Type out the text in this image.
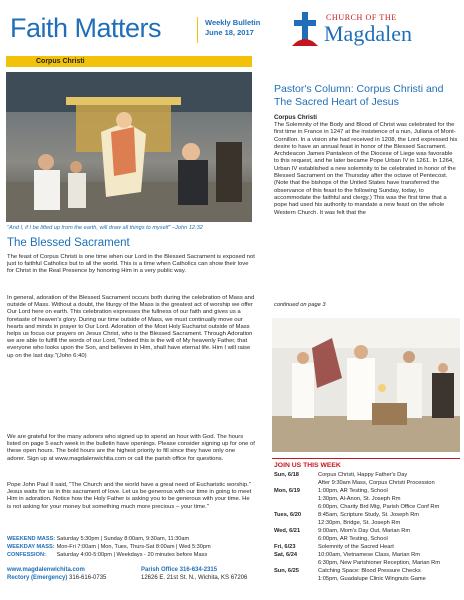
Faith Matters	Weekly Bulletin
June 18, 2017
CHURCH OF THE
Magdalen
Corpus Christi
"And I, if I be lifted up from the earth, will draw all things to myself" –John 12:32
The Blessed Sacrament
The feast of Corpus Christi is one time when our Lord in the Blessed Sacrament is exposed not just to faithful Catholics but to all the world. This is a time when Catholics can show their love for Christ in the Real Presence by honoring Him in a very public way.
In general, adoration of the Blessed Sacrament occurs both during the celebration of Mass and outside of Mass. Without a doubt, the liturgy of the Mass is the greatest act of worship we offer Our Lord here on earth. This celebration expresses the fullness of our faith and gives us a foretaste of heaven's glory. During our time outside of Mass, we must continually move our hearts and minds in prayer to Our Lord. Adoration of the Most Holy Eucharist outside of Mass helps us focus our prayers on Jesus Christ, who is the Blessed Sacrament. Through Adoration we are able to fulfill the words of our Lord, "Indeed this is the will of My heavenly Father, that everyone who looks upon the Son, and believes in Him, shall have eternal life. Him I will raise up on the last day."(John 6:40)
We are grateful for the many adorers who signed up to spend an hour with God. The hours listed on page 5 each week in the bulletin have openings. Please consider signing up for one of these open hours. The bold hours are the highest priority to fill since they have only one adorer. Sign up at www.magdalenwichita.com or call the parish office for questions.
Pope John Paul II said, "The Church and the world have a great need of Eucharistic worship." Jesus waits for us in this sacrament of love. Let us be generous with our time in going to meet Him in adoration. Notice how the Holy Father is asking you to be generous with your time. He is not asking for your money but something much more precious – your time."
WEEKEND MASS: Saturday 5:30pm | Sunday 8:00am, 9:30am, 11:30am
WEEKDAY MASS: Mon-Fri 7:00am | Mon, Tues, Thurs-Sat 8:00am | Wed 5:30pm
CONFESSION: Saturday 4:00-5:00pm | Weekdays - 20 minutes before Mass
www.magdalenwichita.com
Rectory (Emergency) 316-616-0735
Parish Office 316-634-2315
12626 E. 21st St. N., Wichita, KS 67206
Pastor's Column: Corpus Christi and The Sacred Heart of Jesus
Corpus Christi
The Solemnity of the Body and Blood of Christ was celebrated for the first time in France in 1247 at the insistence of a nun, Juliana of Mont-Cornillon. In a vision she had received in 1208, the Lord expressed his desire to have an annual feast in honor of the Blessed Sacrament. Archdeacon James Pantaleon of the Diocese of Liege was favorable to this request, and he later became Pope Urban IV in 1261. In 1264, Urban IV established a new solemnity to be celebrated in honor of the Blessed Sacrament on the Thursday after the octave of Pentecost. (Note that the bishops of the United States have transferred the observance of this feast to the following Sunday, today, to accommodate the faithful and clergy.) This was the first time that a pope had used his authority to mandate a new feast on the whole Western Church. It was felt that the
continued on page 3
JOIN US THIS WEEK
Sun, 6/18	Corpus Christi, Happy Father's Day
After 9:30am Mass, Corpus Christi Procession
Mon, 6/19	1:00pm, AR Testing, School
1:30pm, Al-Anon, St. Joseph Rm
6:00pm, Charity Brd Mtg, Parish Office Conf Rm
Tues, 6/20	8:45am, Scripture Study, St. Joseph Rm
12:30pm, Bridge, St. Joseph Rm
Wed, 6/21	9:00am, Mom's Day Out, Marian Rm
6:00pm, AR Testing, School
Fri, 6/23	Solemnity of the Sacred Heart
Sat, 6/24	10:00am, Vietnamese Class, Marian Rm
6:30pm, New Parishioner Reception, Marian Rm
Sun, 6/25	Catching Space: Blood Pressure Checks
1:05pm, Guadalupe Clinic Wingnuts Game
